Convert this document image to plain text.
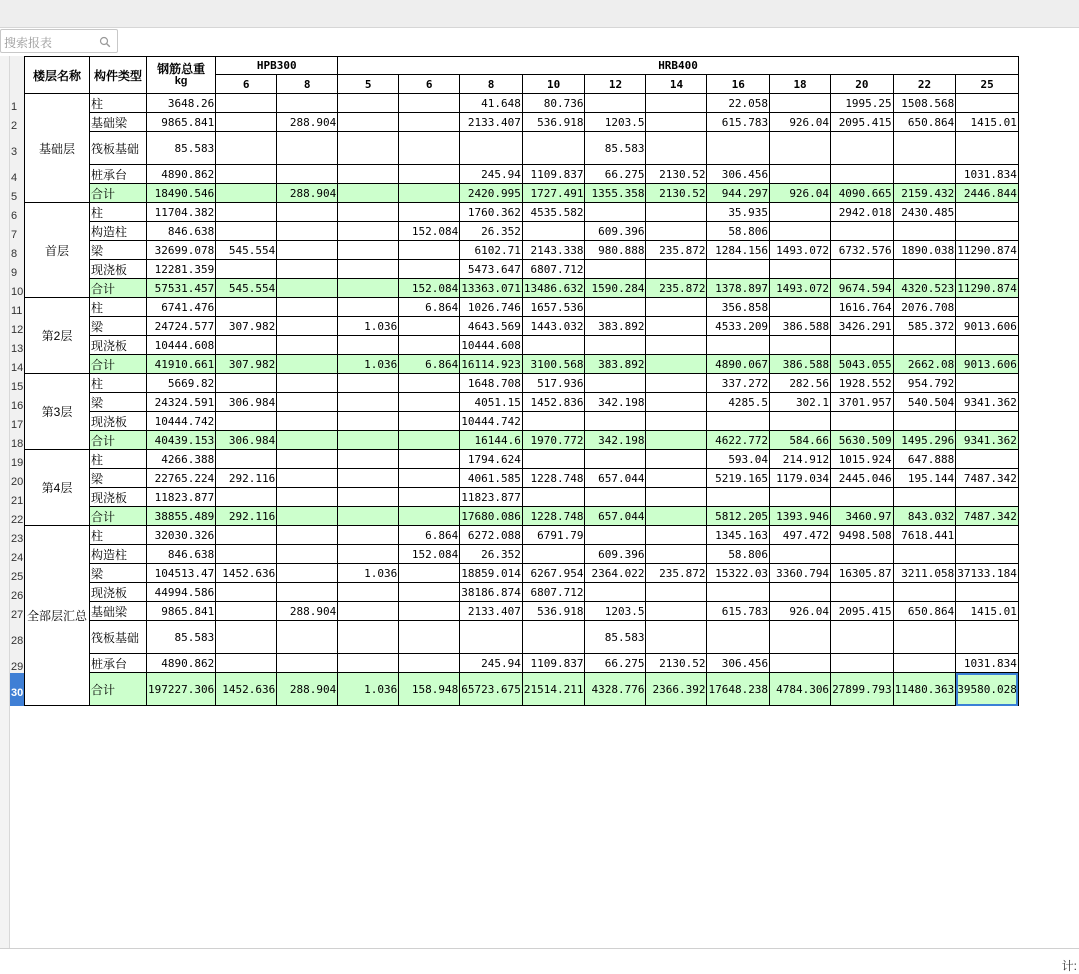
搜索报表
1
2
3
4
5
6
7
8
9
10
11
12
13
14
15
16
17
18
19
20
21
22
23
24
25
26
27
28
29
30
楼层名称	构件类型	钢筋总重
kg	HPB300		HRB400										
			6	8	5	6	8	10	12	14	16	18	20	22	25
基础层	柱	3648.26					41.648	80.736			22.058		1995.25	1508.568	
	基础梁	9865.841		288.904			2133.407	536.918	1203.5		615.783	926.04	2095.415	650.864	1415.01
	筏板基础	85.583							85.583						
	桩承台	4890.862					245.94	1109.837	66.275	2130.52	306.456				1031.834
	合计	18490.546		288.904			2420.995	1727.491	1355.358	2130.52	944.297	926.04	4090.665	2159.432	2446.844
首层	柱	11704.382					1760.362	4535.582			35.935		2942.018	2430.485	
	构造柱	846.638				152.084	26.352		609.396		58.806				
	梁	32699.078	545.554				6102.71	2143.338	980.888	235.872	1284.156	1493.072	6732.576	1890.038	11290.874
	现浇板	12281.359					5473.647	6807.712							
	合计	57531.457	545.554			152.084	13363.071	13486.632	1590.284	235.872	1378.897	1493.072	9674.594	4320.523	11290.874
第2层	柱	6741.476				6.864	1026.746	1657.536			356.858		1616.764	2076.708	
	梁	24724.577	307.982		1.036		4643.569	1443.032	383.892		4533.209	386.588	3426.291	585.372	9013.606
	现浇板	10444.608					10444.608								
	合计	41910.661	307.982		1.036	6.864	16114.923	3100.568	383.892		4890.067	386.588	5043.055	2662.08	9013.606
第3层	柱	5669.82					1648.708	517.936			337.272	282.56	1928.552	954.792	
	梁	24324.591	306.984				4051.15	1452.836	342.198		4285.5	302.1	3701.957	540.504	9341.362
	现浇板	10444.742					10444.742								
	合计	40439.153	306.984				16144.6	1970.772	342.198		4622.772	584.66	5630.509	1495.296	9341.362
第4层	柱	4266.388					1794.624				593.04	214.912	1015.924	647.888	
	梁	22765.224	292.116				4061.585	1228.748	657.044		5219.165	1179.034	2445.046	195.144	7487.342
	现浇板	11823.877					11823.877								
	合计	38855.489	292.116				17680.086	1228.748	657.044		5812.205	1393.946	3460.97	843.032	7487.342
全部层汇总	柱	32030.326				6.864	6272.088	6791.79			1345.163	497.472	9498.508	7618.441	
	构造柱	846.638				152.084	26.352		609.396		58.806				
	梁	104513.47	1452.636		1.036		18859.014	6267.954	2364.022	235.872	15322.03	3360.794	16305.87	3211.058	37133.184
	现浇板	44994.586					38186.874	6807.712							
	基础梁	9865.841		288.904			2133.407	536.918	1203.5		615.783	926.04	2095.415	650.864	1415.01
	筏板基础	85.583							85.583						
	桩承台	4890.862					245.94	1109.837	66.275	2130.52	306.456				1031.834
	合计	197227.306	1452.636	288.904	1.036	158.948	65723.675	21514.211	4328.776	2366.392	17648.238	4784.306	27899.793	11480.363	39580.028
计:
